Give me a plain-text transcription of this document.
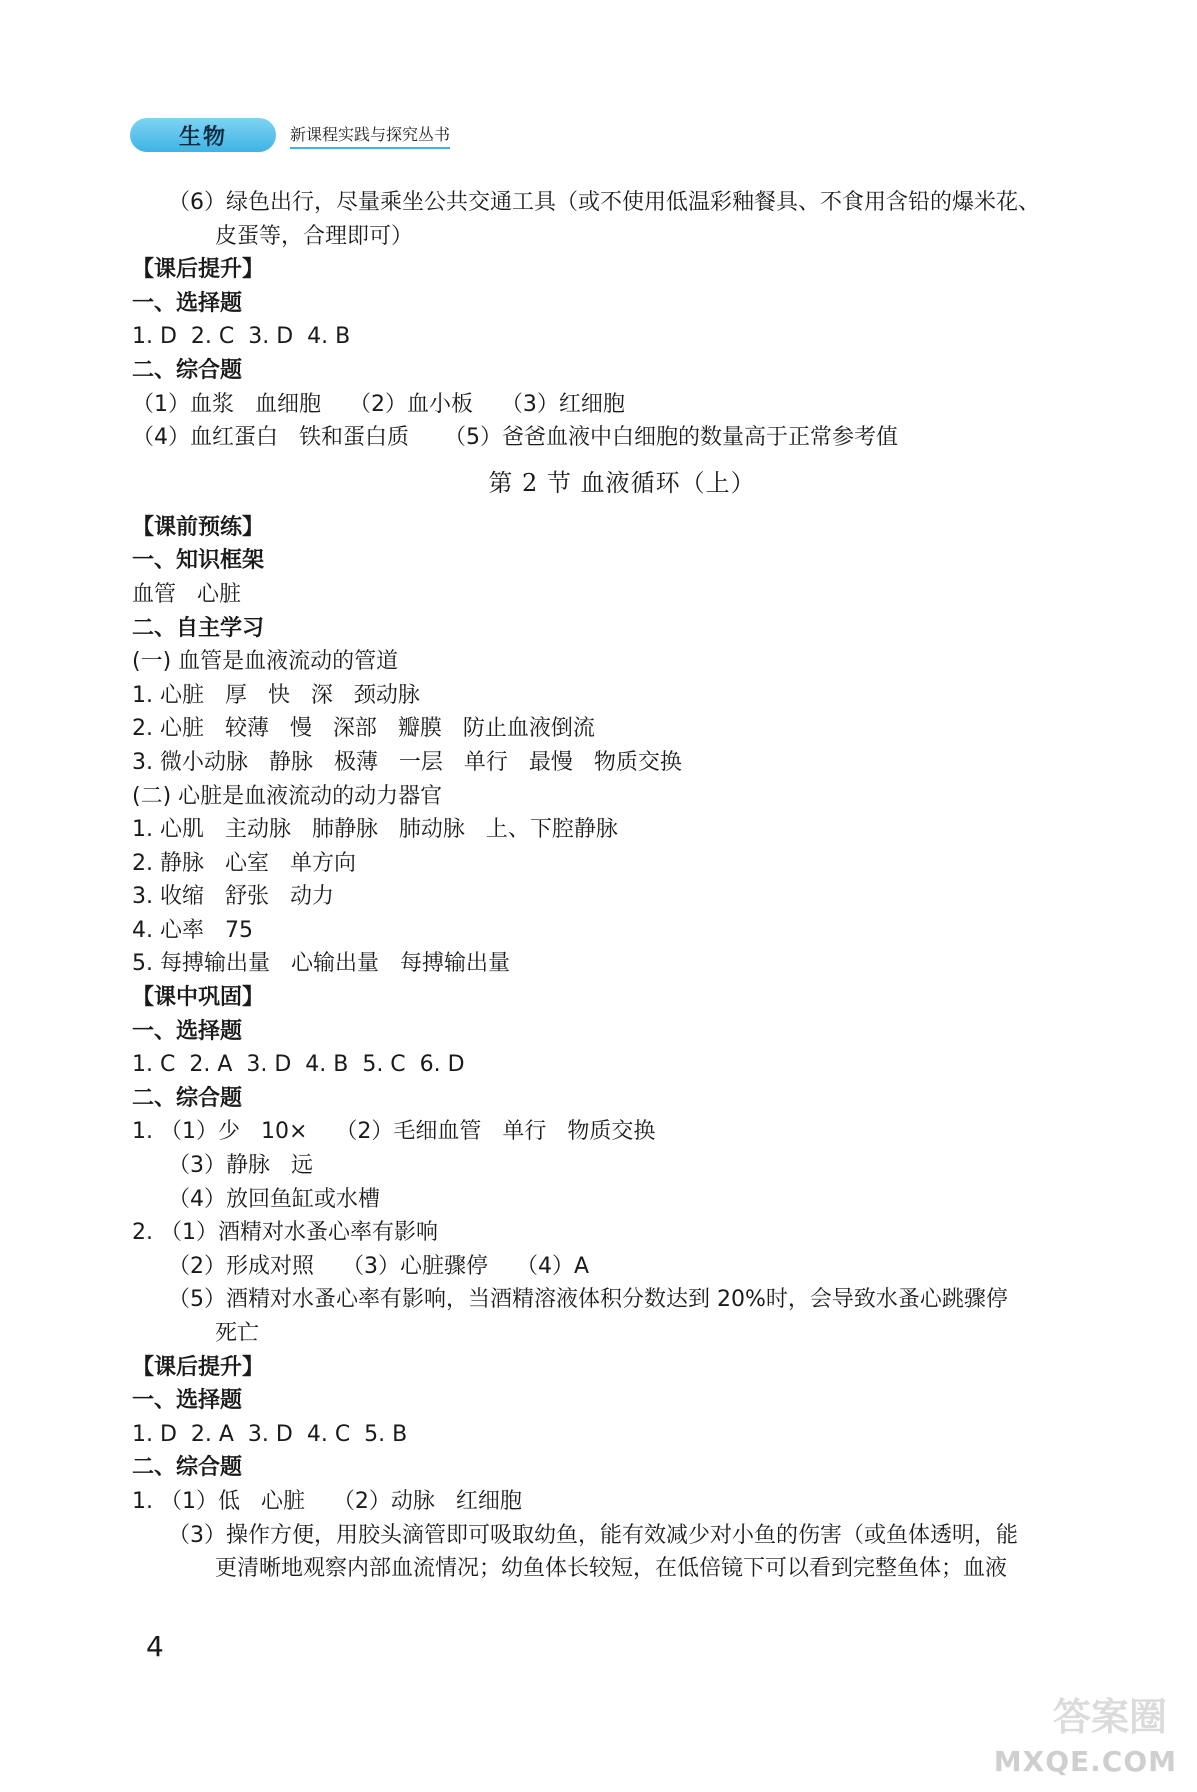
生物	新课程实践与探究丛书
（6）绿色出行，尽量乘坐公共交通工具（或不使用低温彩釉餐具、不食用含铅的爆米花、
皮蛋等，合理即可）
【课后提升】
一、选择题
1. D  2. C  3. D  4. B
二、综合题
（1）血浆   血细胞    （2）血小板    （3）红细胞
（4）血红蛋白   铁和蛋白质     （5）爸爸血液中白细胞的数量高于正常参考值
第 2 节 血液循环（上）
【课前预练】
一、知识框架
血管   心脏
二、自主学习
(一) 血管是血液流动的管道
1. 心脏   厚   快   深   颈动脉
2. 心脏   较薄   慢   深部   瓣膜   防止血液倒流
3. 微小动脉   静脉   极薄   一层   单行   最慢   物质交换
(二) 心脏是血液流动的动力器官
1. 心肌   主动脉   肺静脉   肺动脉   上、下腔静脉
2. 静脉   心室   单方向
3. 收缩   舒张   动力
4. 心率   75
5. 每搏输出量   心输出量   每搏输出量
【课中巩固】
一、选择题
1. C  2. A  3. D  4. B  5. C  6. D
二、综合题
1. （1）少   10×    （2）毛细血管   单行   物质交换
（3）静脉   远
（4）放回鱼缸或水槽
2. （1）酒精对水蚤心率有影响
（2）形成对照    （3）心脏骤停    （4）A
（5）酒精对水蚤心率有影响，当酒精溶液体积分数达到 20%时，会导致水蚤心跳骤停
死亡
【课后提升】
一、选择题
1. D  2. A  3. D  4. C  5. B
二、综合题
1. （1）低   心脏    （2）动脉   红细胞
（3）操作方便，用胶头滴管即可吸取幼鱼，能有效减少对小鱼的伤害（或鱼体透明，能
更清晰地观察内部血流情况；幼鱼体长较短，在低倍镜下可以看到完整鱼体；血液
4
答案圈
MXQE.COM
